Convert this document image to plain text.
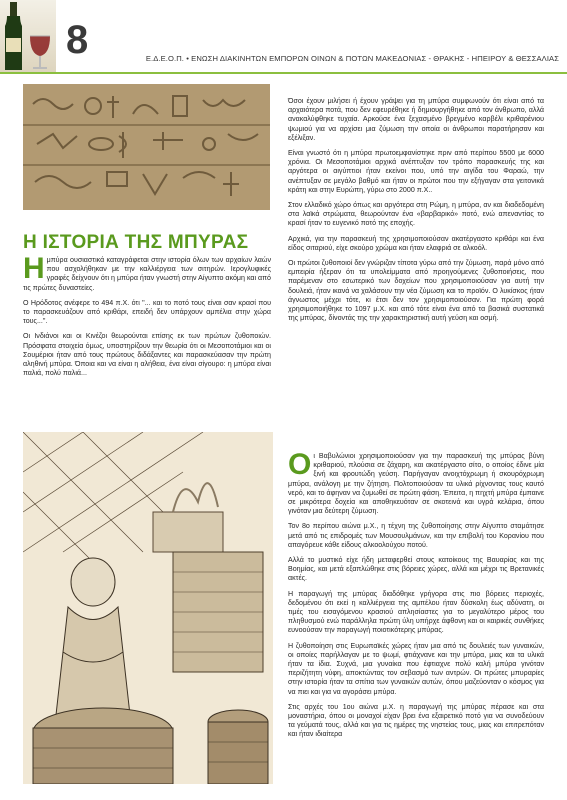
8	Ε.Δ.Ε.Ο.Π. • ΕΝΩΣΗ ΔΙΑΚΙΝΗΤΩΝ ΕΜΠΟΡΩΝ ΟΙΝΩΝ & ΠΟΤΩΝ ΜΑΚΕΔΟΝΙΑΣ - ΘΡΑΚΗΣ - ΗΠΕΙΡΟΥ & ΘΕΣΣΑΛΙΑΣ
Η ΙΣΤΟΡΙΑ ΤΗΣ ΜΠΥΡΑΣ

Ημπύρα ουσιαστικά καταγράφεται στην ιστορία όλων των αρχαίων λαών που ασχολήθηκαν με την καλλιέργεια των σιτηρών. Ιερογλυφικές γραφές δείχνουν ότι η μπύρα ήταν γνωστή στην Αίγυπτο ακόμη και από τις πρώτες δυναστείες.

Ο Ηρόδοτος ανέφερε το 494 π.Χ. ότι "... και το ποτό τους είναι σαν κρασί που το παρασκευάζουν από κριθάρι, επειδή δεν υπάρχουν αμπέλια στην χώρα τους...".

Οι Ινδιάνοι και οι Κινέζοι θεωρούνται επίσης εκ των πρώτων ζυθοποιών. Πρόσφατα στοιχεία όμως, υποστηρίζουν την θεωρία ότι οι Μεσοποτάμιοι και οι Σουμέριοι ήταν από τους πρώτους διδάξαντες και παρασκεύασαν την πρώτη αληθινή μπύρα. Όποια και να είναι η αλήθεια, ένα είναι σίγουρο: η μπύρα είναι παλιά, πολύ παλιά...

Όσοι έχουν μιλήσει ή έχουν γράψει για τη μπύρα συμφωνούν ότι είναι από τα αρχαιότερα ποτά, που δεν εφευρέθηκε ή δημιουργήθηκε από τον άνθρωπο, αλλά ανακαλύφθηκε τυχαία. Αρκούσε ένα ξεχασμένο βρεγμένο καρβέλι κριθαρένιου ψωμιού για να αρχίσει μια ζύμωση την οποία οι άνθρωποι παρατήρησαν και εξέλιξαν.

Είναι γνωστό ότι η μπύρα πρωτοεμφανίστηκε πριν από περίπου 5500 με 6000 χρόνια. Οι Μεσοποτάμιοι αρχικά ανέπτυξαν τον τρόπο παρασκευής της και αργότερα οι αιγύπτιοι ήταν εκείνοι που, υπό την αιγίδα του Φαραώ, την ανέπτυξαν σε μεγάλο βαθμό και ήταν οι πρώτοι που την εξήγαγαν στα γειτονικά κράτη και στην Ευρώπη, γύρω στο 2000 π.Χ..

Στον ελλαδικό χώρο όπως και αργότερα στη Ρώμη, η μπύρα, αν και διαδεδομένη στα λαϊκά στρώματα, θεωρούνταν ένα «βαρβαρικό» ποτό, ενώ απεναντίας το κρασί ήταν το ευγενικό ποτό της εποχής.

Αρχικά, για την παρασκευή της χρησιμοποιούσαν ακατέργαστο κριθάρι και ένα είδος σιταριού, είχε σκούρο χρώμα και ήταν ελαφριά σε αλκοόλ.

Οι πρώτοι ζυθοποιοί δεν γνώριζαν τίποτα γύρω από την ζύμωση, παρά μόνο από εμπειρία ήξεραν ότι τα υπολείμματα από προηγούμενες ζυθοποιήσεις, που παρέμεναν στο εσωτερικό των δοχείων που χρησιμοποιούσαν για αυτή την δουλειά, ήταν ικανά να χαλάσουν την νέα ζύμωση και το προϊόν. Ο λυκίσκος ήταν άγνωστος μέχρι τότε, κι έτσι δεν τον χρησιμοποιούσαν. Για πρώτη φορά χρησιμοποιήθηκε το 1097 μ.Χ. και από τότε είναι ένα από τα βασικά συστατικά της μπύρας, δίνοντάς της την χαρακτηριστική αυτή γεύση και οσμή.

Οι Βαβυλώνιοι χρησιμοποιούσαν για την παρασκευή της μπύρας βύνη κριθαριού, πλούσια σε ζάχαρη, και ακατέργαστο σίτο, ο οποίος έδινε μία ξινή και φρουτώδη γεύση. Παρήγαγαν ανοιχτόχρωμη ή σκουρόχρωμη μπύρα, ανάλογη με την ζήτηση. Πολτοποιούσαν τα υλικά ρίχνοντας τους καυτό νερό, και το άφηναν να ζυμωθεί σε πρώτη φάση. Έπειτα, η πηχτή μπύρα έμπαινε σε μικρότερα δοχεία και αποθηκευόταν σε σκοτεινά και υγρά κελάρια, όπου γινόταν μια δεύτερη ζύμωση.

Τον 8ο περίπου αιώνα μ.Χ., η τέχνη της ζυθοποίησης στην Αίγυπτο σταμάτησε μετά από τις επιδρομές των Μουσουλμάνων, και την επιβολή του Κορανίου που απαγόρευε κάθε είδους αλκοολούχου ποτού.

Αλλά το μυστικό είχε ήδη μεταφερθεί στους κατοίκους της Βαυαρίας και της Βοημίας, και μετά εξαπλώθηκε στις βόρειες χώρες, αλλά και μέχρι τις Βρετανικές ακτές.

Η παραγωγή της μπύρας διαδόθηκε γρήγορα στις πιο βόρειες περιοχές, δεδομένου ότι εκεί η καλλιέργεια της αμπέλου ήταν δύσκολη έως αδύνατη, οι τιμές του εισαγόμενου κρασιού απλησίαστες για το μεγαλύτερο μέρος του πληθυσμού ενώ παράλληλα πρώτη ύλη υπήρχε άφθονη και οι καιρικές συνθήκες ευνοούσαν την παραγωγή ποιοτικότερης μπύρας.

Η ζυθοποίηση στις Ευρωπαϊκές χώρες ήταν μια από τις δουλειές των γυναικών, οι οποίες παρήλλαγαν με το ψωμί, φτιάχνανε και την μπύρα, μιας και τα υλικά ήταν τα ίδια. Συχνά, μια γυναίκα που έφτιαχνε πολύ καλή μπύρα γινόταν περιζήτητη νύφη, αποκτώντας τον σεβασμό των αντρών. Οι πρώτες μπυραρίες στην ιστορία ήταν τα σπίτια των γυναικών αυτών, όπου μαζεύονταν ο κόσμος για να πιει και για να αγοράσει μπύρα.

Στις αρχές του 1ου αιώνα μ.Χ. η παραγωγή της μπύρας πέρασε και στα μοναστήρια, όπου οι μοναχοί είχαν βρει ένα εξαιρετικό ποτό για να συνοδεύουν τα γεύματά τους, αλλά και για τις ημέρες της νηστείας τους, μιας και επιτρεπόταν και ήταν ιδιαίτερα
